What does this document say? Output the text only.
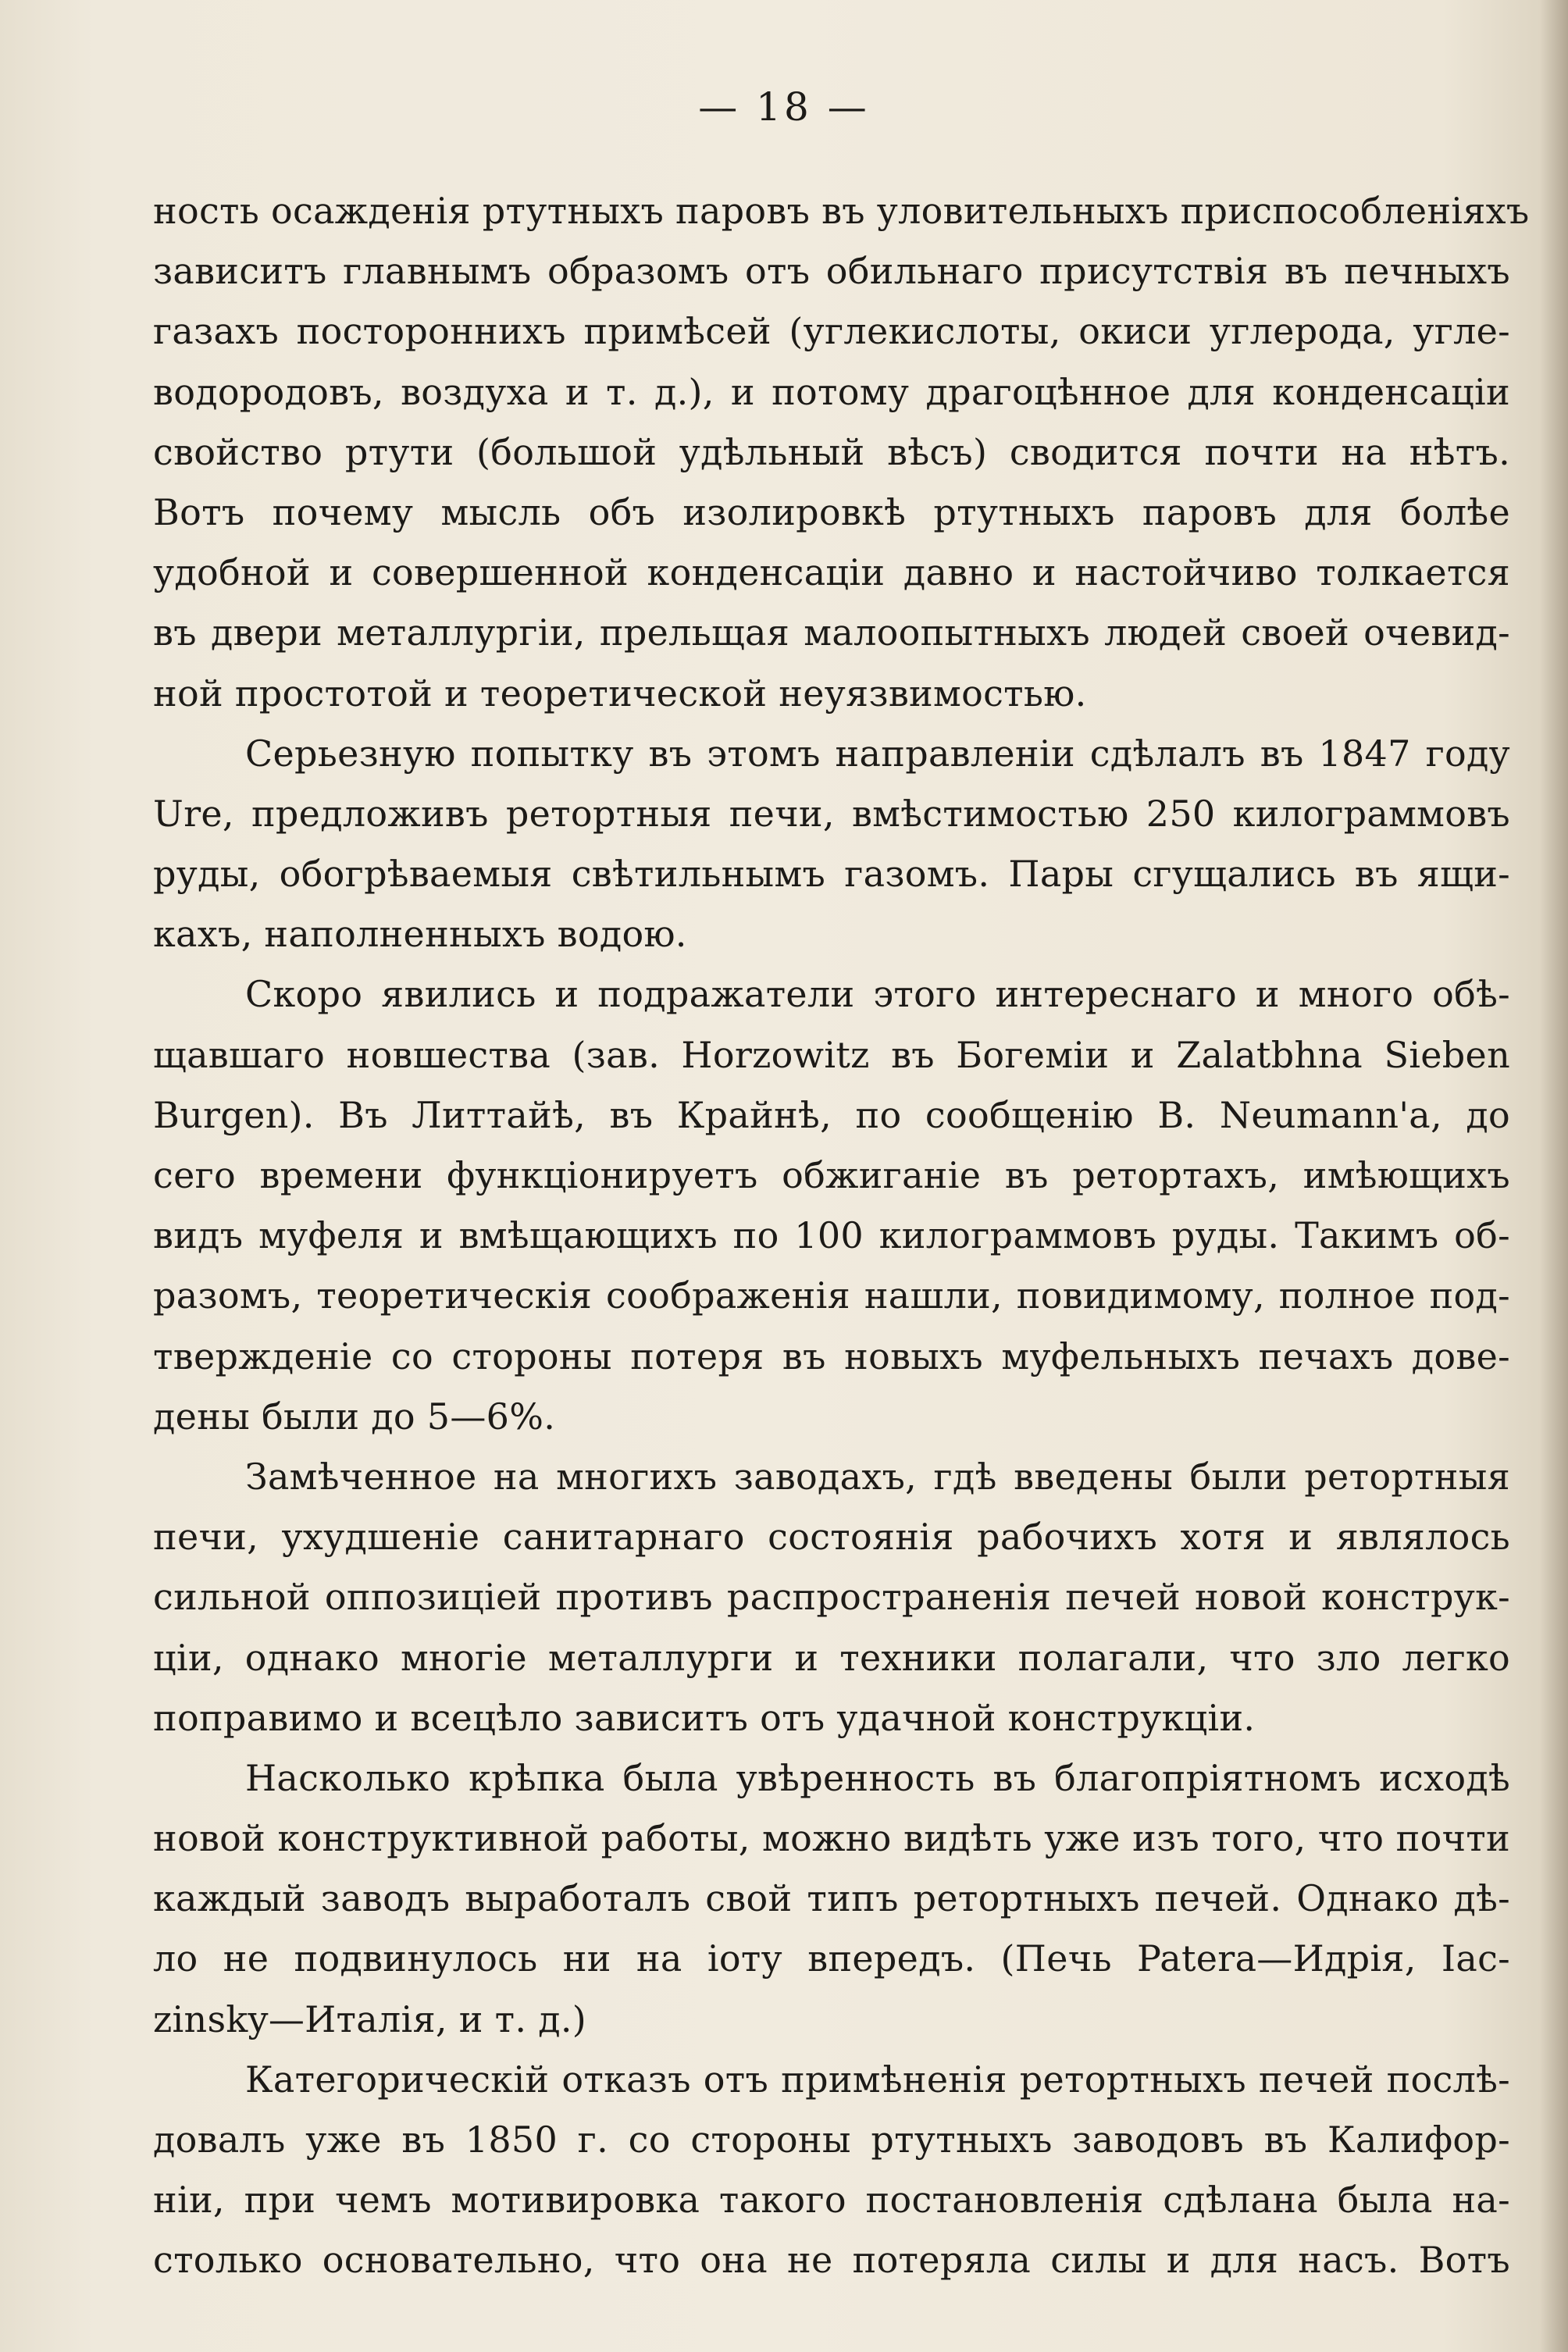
— 18 —
ность осажденія ртутныхъ паровъ въ уловительныхъ приспособленіяхъ
зависитъ главнымъ образомъ отъ обильнаго присутствія въ печныхъ
газахъ постороннихъ примѣсей (углекислоты, окиси углерода, угле-
водородовъ, воздуха и т. д.), и потому драгоцѣнное для конденсаціи
свойство ртути (большой удѣльный вѣсъ) сводится почти на нѣтъ.
Вотъ почему мысль объ изолировкѣ ртутныхъ паровъ для болѣе
удобной и совершенной конденсаціи давно и настойчиво толкается
въ двери металлургіи, прельщая малоопытныхъ людей своей очевид-
ной простотой и теоретической неуязвимостью.
Серьезную попытку въ этомъ направленіи сдѣлалъ въ 1847 году
Ure, предложивъ ретортныя печи, вмѣстимостью 250 килограммовъ
руды, обогрѣваемыя свѣтильнымъ газомъ. Пары сгущались въ ящи-
кахъ, наполненныхъ водою.
Скоро явились и подражатели этого интереснаго и много обѣ-
щавшаго новшества (зав. Horzowitz въ Богеміи и Zalatbhna Sieben
Burgen). Въ Литтайѣ, въ Крайнѣ, по сообщенію B. Neumann'a, до
сего времени функціонируетъ обжиганіе въ ретортахъ, имѣющихъ
видъ муфеля и вмѣщающихъ по 100 килограммовъ руды. Такимъ об-
разомъ, теоретическія соображенія нашли, повидимому, полное под-
твержденіе со стороны потеря въ новыхъ муфельныхъ печахъ дове-
дены были до 5—6%.
Замѣченное на многихъ заводахъ, гдѣ введены были ретортныя
печи, ухудшеніе санитарнаго состоянія рабочихъ хотя и являлось
сильной оппозиціей противъ распространенія печей новой конструк-
ціи, однако многіе металлурги и техники полагали, что зло легко
поправимо и всецѣло зависитъ отъ удачной конструкціи.
Насколько крѣпка была увѣренность въ благопріятномъ исходѣ
новой конструктивной работы, можно видѣть уже изъ того, что почти
каждый заводъ выработалъ свой типъ ретортныхъ печей. Однако дѣ-
ло не подвинулось ни на іоту впередъ. (Печь Patera—Идрія, Іас-
zinsky—Италія, и т. д.)
Категорическій отказъ отъ примѣненія ретортныхъ печей послѣ-
довалъ уже въ 1850 г. со стороны ртутныхъ заводовъ въ Калифор-
ніи, при чемъ мотивировка такого постановленія сдѣлана была на-
столько основательно, что она не потеряла силы и для насъ. Вотъ
